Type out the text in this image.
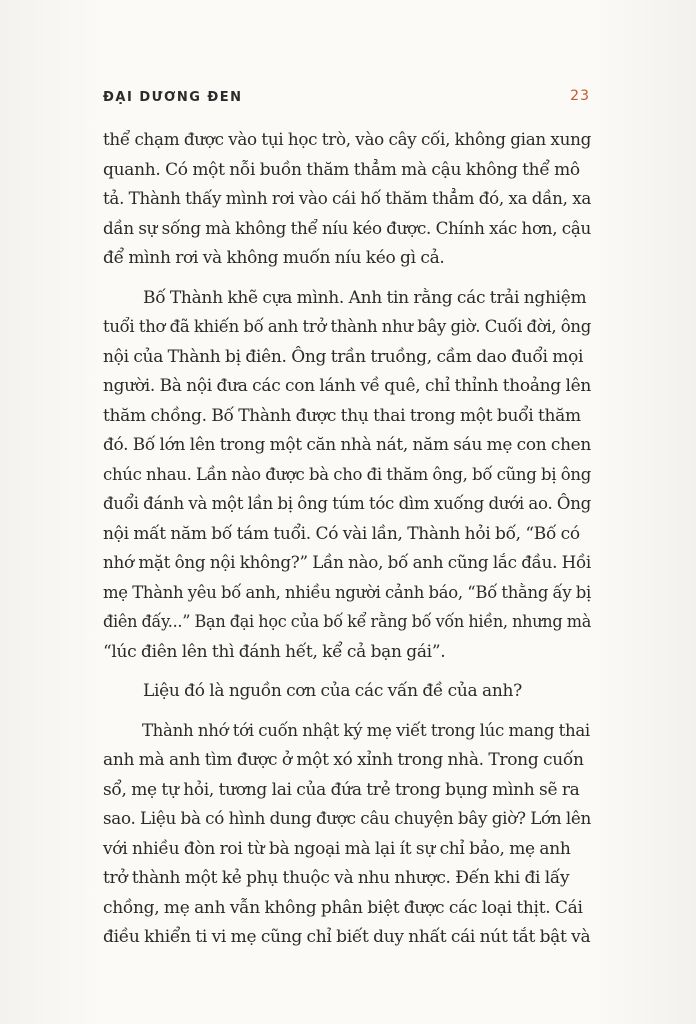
ĐẠI DƯƠNG ĐEN	23
thể chạm được vào tụi học trò, vào cây cối, không gian xung
quanh. Có một nỗi buồn thăm thẳm mà cậu không thể mô
tả. Thành thấy mình rơi vào cái hố thăm thẳm đó, xa dần, xa
dần sự sống mà không thể níu kéo được. Chính xác hơn, cậu
để mình rơi và không muốn níu kéo gì cả.
Bố Thành khẽ cựa mình. Anh tin rằng các trải nghiệm
tuổi thơ đã khiến bố anh trở thành như bây giờ. Cuối đời, ông
nội của Thành bị điên. Ông trần truồng, cầm dao đuổi mọi
người. Bà nội đưa các con lánh về quê, chỉ thỉnh thoảng lên
thăm chồng. Bố Thành được thụ thai trong một buổi thăm
đó. Bố lớn lên trong một căn nhà nát, năm sáu mẹ con chen
chúc nhau. Lần nào được bà cho đi thăm ông, bố cũng bị ông
đuổi đánh và một lần bị ông túm tóc dìm xuống dưới ao. Ông
nội mất năm bố tám tuổi. Có vài lần, Thành hỏi bố, “Bố có
nhớ mặt ông nội không?” Lần nào, bố anh cũng lắc đầu. Hồi
mẹ Thành yêu bố anh, nhiều người cảnh báo, “Bố thằng ấy bị
điên đấy...” Bạn đại học của bố kể rằng bố vốn hiền, nhưng mà
“lúc điên lên thì đánh hết, kể cả bạn gái”.
Liệu đó là nguồn cơn của các vấn đề của anh?
Thành nhớ tới cuốn nhật ký mẹ viết trong lúc mang thai
anh mà anh tìm được ở một xó xỉnh trong nhà. Trong cuốn
sổ, mẹ tự hỏi, tương lai của đứa trẻ trong bụng mình sẽ ra
sao. Liệu bà có hình dung được câu chuyện bây giờ? Lớn lên
với nhiều đòn roi từ bà ngoại mà lại ít sự chỉ bảo, mẹ anh
trở thành một kẻ phụ thuộc và nhu nhược. Đến khi đi lấy
chồng, mẹ anh vẫn không phân biệt được các loại thịt. Cái
điều khiển ti vi mẹ cũng chỉ biết duy nhất cái nút tắt bật và
